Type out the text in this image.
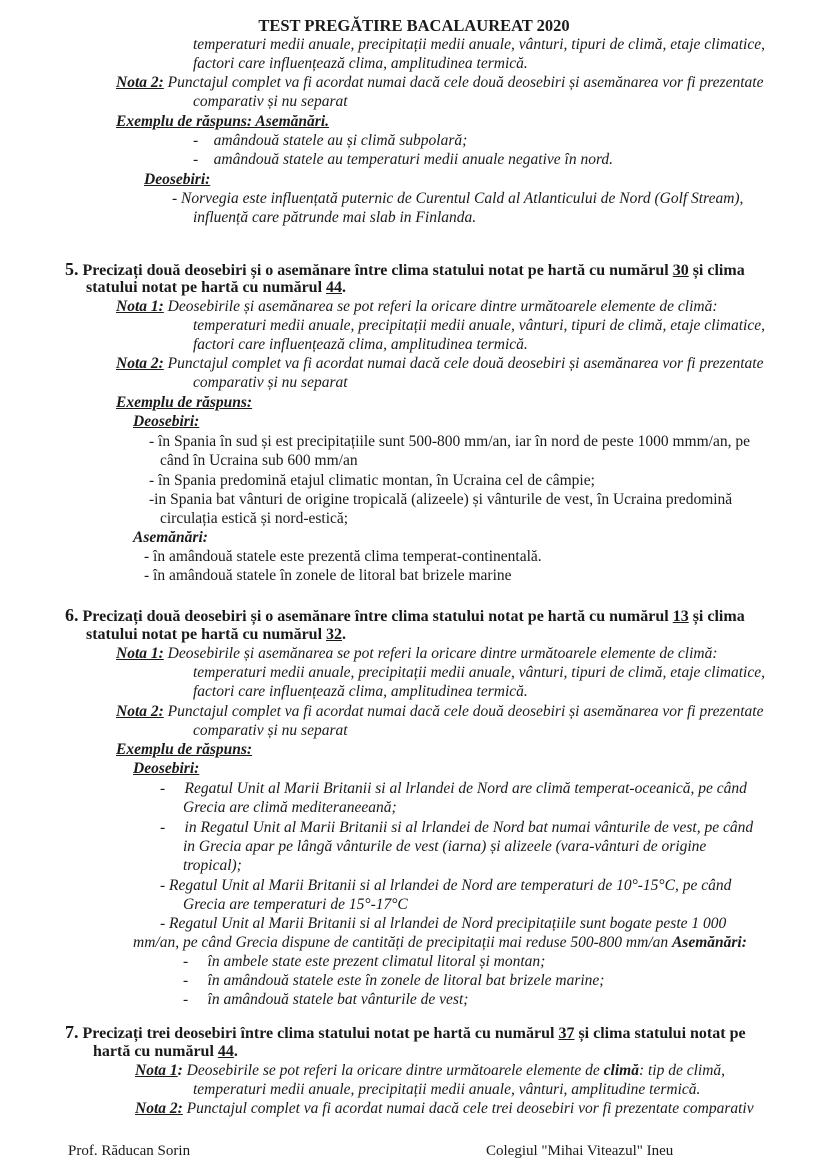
TEST PREGĂTIRE BACALAUREAT 2020
temperaturi medii anuale, precipitații medii anuale, vânturi, tipuri de climă, etaje climatice,
factori care influențează clima, amplitudinea termică.
Nota 2: Punctajul complet va fi acordat numai dacă cele două deosebiri și asemănarea vor fi prezentate
comparativ și nu separat
Exemplu de răspuns: Asemănări.
-    amândouă statele au și climă subpolară;
-    amândouă statele au temperaturi medii anuale negative în nord.
Deosebiri:
- Norvegia este influențată puternic de Curentul Cald al Atlanticului de Nord (Golf Stream),
influență care pătrunde mai slab in Finlanda.
5. Precizați două deosebiri și o asemănare între clima statului notat pe hartă cu numărul 30 și clima
statului notat pe hartă cu numărul 44.
Nota 1: Deosebirile și asemănarea se pot referi la oricare dintre următoarele elemente de climă:
temperaturi medii anuale, precipitații medii anuale, vânturi, tipuri de climă, etaje climatice,
factori care influențează clima, amplitudinea termică.
Nota 2: Punctajul complet va fi acordat numai dacă cele două deosebiri și asemănarea vor fi prezentate
comparativ și nu separat
Exemplu de răspuns:
Deosebiri:
- în Spania în sud și est precipitațiile sunt 500-800 mm/an, iar în nord de peste 1000 mmm/an, pe
când în Ucraina sub 600 mm/an
- în Spania predomină etajul climatic montan, în Ucraina cel de câmpie;
-in Spania bat vânturi de origine tropicală (alizeele) și vânturile de vest, în Ucraina predomină
circulația estică și nord-estică;
Asemănări:
- în amândouă statele este prezentă clima temperat-continentală.
- în amândouă statele în zonele de litoral bat brizele marine
6. Precizați două deosebiri și o asemănare între clima statului notat pe hartă cu numărul 13 și clima
statului notat pe hartă cu numărul 32.
Nota 1: Deosebirile și asemănarea se pot referi la oricare dintre următoarele elemente de climă:
temperaturi medii anuale, precipitații medii anuale, vânturi, tipuri de climă, etaje climatice,
factori care influențează clima, amplitudinea termică.
Nota 2: Punctajul complet va fi acordat numai dacă cele două deosebiri și asemănarea vor fi prezentate
comparativ și nu separat
Exemplu de răspuns:
Deosebiri:
-     Regatul Unit al Marii Britanii si al lrlandei de Nord are climă temperat-oceanică, pe când
Grecia are climă mediteraneeană;
-     in Regatul Unit al Marii Britanii si al lrlandei de Nord bat numai vânturile de vest, pe când
in Grecia apar pe lângă vânturile de vest (iarna) și alizeele (vara-vânturi de origine
tropical);
- Regatul Unit al Marii Britanii si al lrlandei de Nord are temperaturi de 10°-15°C, pe când
Grecia are temperaturi de 15°-17°C
- Regatul Unit al Marii Britanii si al lrlandei de Nord precipitațiile sunt bogate peste 1 000
mm/an, pe când Grecia dispune de cantități de precipitații mai reduse 500-800 mm/an Asemănări:
-     în ambele state este prezent climatul litoral și montan;
-     în amândouă statele este în zonele de litoral bat brizele marine;
-     în amândouă statele bat vânturile de vest;
7. Precizați trei deosebiri între clima statului notat pe hartă cu numărul 37 și clima statului notat pe
hartă cu numărul 44.
Nota 1: Deosebirile se pot referi la oricare dintre următoarele elemente de climă: tip de climă,
temperaturi medii anuale, precipitații medii anuale, vânturi, amplitudine termică.
Nota 2: Punctajul complet va fi acordat numai dacă cele trei deosebiri vor fi prezentate comparativ
Prof. Răducan Sorin	Colegiul "Mihai Viteazul" Ineu
